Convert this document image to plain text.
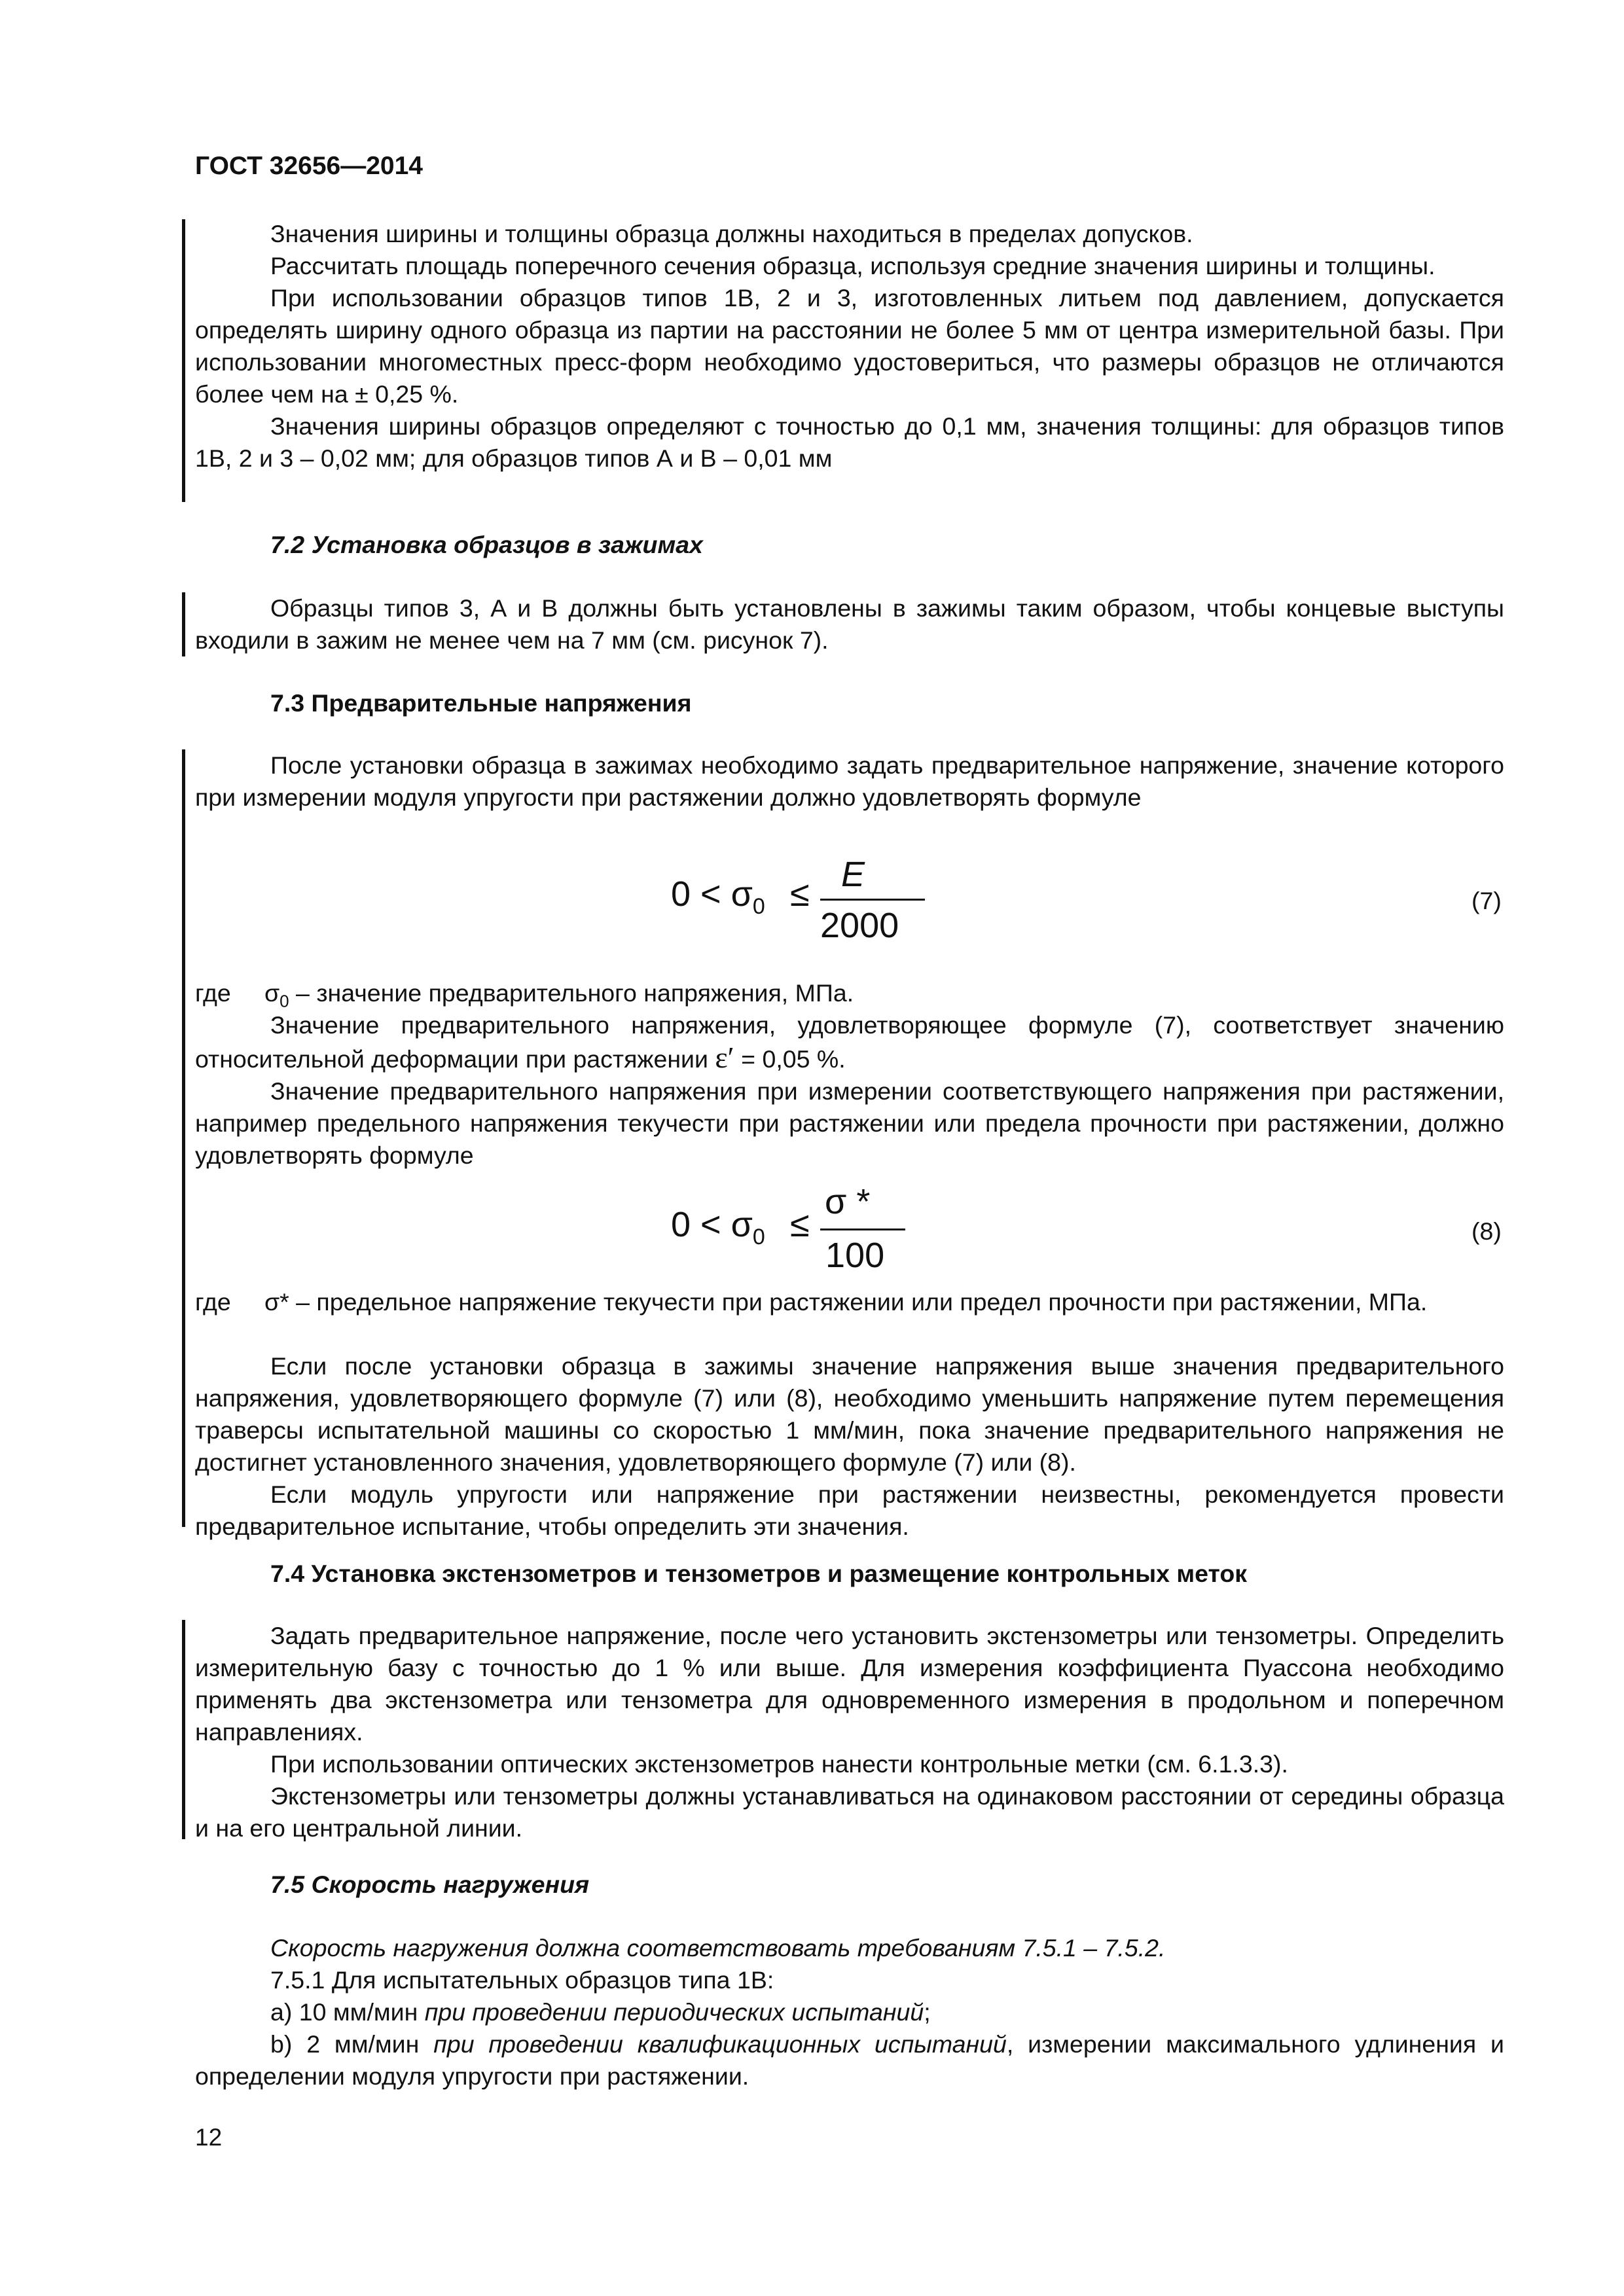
ГОСТ 32656—2014

Значения ширины и толщины образца должны находиться в пределах допусков.

Рассчитать площадь поперечного сечения образца, используя средние значения ширины и толщины.

При использовании образцов типов 1В, 2 и 3, изготовленных литьем под давлением, допускается определять ширину одного образца из партии на расстоянии не более 5 мм от центра измерительной базы. При использовании многоместных пресс-форм необходимо удостовериться, что размеры образцов не отличаются более чем на ± 0,25 %.

Значения ширины образцов определяют с точностью до 0,1 мм, значения толщины: для образцов типов 1В, 2 и 3 – 0,02 мм; для образцов типов А и В – 0,01 мм

7.2 Установка образцов в зажимах

Образцы типов 3, А и В должны быть установлены в зажимы таким образом, чтобы концевые выступы входили в зажим не менее чем на 7 мм (см. рисунок 7).

7.3 Предварительные напряжения

После установки образца в зажимах необходимо задать предварительное напряжение, значение которого при измерении модуля упругости при растяжении должно удовлетворять формуле

$0 < \sigma_0 \le E$
2000
(7)
где $\sigma_0$ – значение предварительного напряжения, МПа.

Значение предварительного напряжения, удовлетворяющее формуле (7), соответствует значению относительной деформации при растяжении ε′ = 0,05 %.

Значение предварительного напряжения при измерении соответствующего напряжения при растяжении, например предельного напряжения текучести при растяжении или предела прочности при растяжении, должно удовлетворять формуле

$0 < \sigma_0$ ≤
σ *
100
(8)
где σ* – предельное напряжение текучести при растяжении или предел прочности при растяжении, МПа.

Если после установки образца в зажимы значение напряжения выше значения предварительного напряжения, удовлетворяющего формуле (7) или (8), необходимо уменьшить напряжение путем перемещения траверсы испытательной машины со скоростью 1 мм/мин, пока значение предварительного напряжения не достигнет установленного значения, удовлетворяющего формуле (7) или (8).

Если модуль упругости или напряжение при растяжении неизвестны, рекомендуется провести предварительное испытание, чтобы определить эти значения.

7.4 Установка экстензометров и тензометров и размещение контрольных меток

Задать предварительное напряжение, после чего установить экстензометры или тензометры. Определить измерительную базу с точностью до 1 % или выше. Для измерения коэффициента Пуассона необходимо применять два экстензометра или тензометра для одновременного измерения в продольном и поперечном направлениях.

При использовании оптических экстензометров нанести контрольные метки (см. 6.1.3.3).

Экстензометры или тензометры должны устанавливаться на одинаковом расстоянии от середины образца и на его центральной линии.

7.5 Скорость нагружения

Скорость нагружения должна соответствовать требованиям 7.5.1 – 7.5.2.

7.5.1 Для испытательных образцов типа 1В:

a) 10 мм/мин при проведении периодических испытаний;

b) 2 мм/мин при проведении квалификационных испытаний, измерении максимального удлинения и определении модуля упругости при растяжении.

12
